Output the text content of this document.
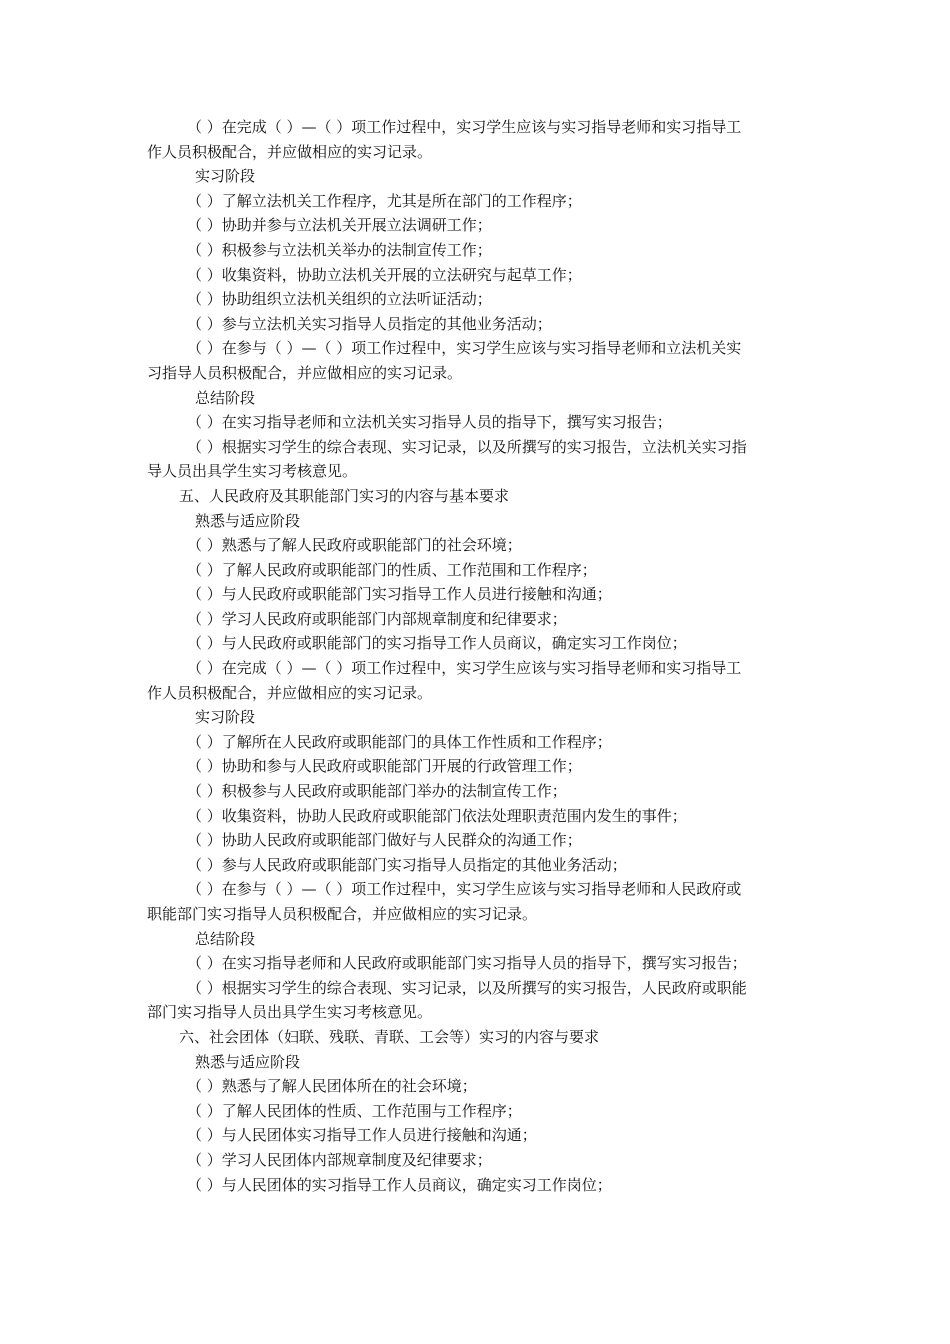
（ ）在完成（ ）—（ ）项工作过程中，实习学生应该与实习指导老师和实习指导工

作人员积极配合，并应做相应的实习记录。

实习阶段

（ ）了解立法机关工作程序，尤其是所在部门的工作程序；

（ ）协助并参与立法机关开展立法调研工作；

（ ）积极参与立法机关举办的法制宣传工作；

（ ）收集资料，协助立法机关开展的立法研究与起草工作；

（ ）协助组织立法机关组织的立法听证活动；

（ ）参与立法机关实习指导人员指定的其他业务活动；

（ ）在参与（ ）—（ ）项工作过程中，实习学生应该与实习指导老师和立法机关实

习指导人员积极配合，并应做相应的实习记录。

总结阶段

（ ）在实习指导老师和立法机关实习指导人员的指导下，撰写实习报告；

（ ）根据实习学生的综合表现、实习记录，以及所撰写的实习报告，立法机关实习指

导人员出具学生实习考核意见。

五、人民政府及其职能部门实习的内容与基本要求

熟悉与适应阶段

（ ）熟悉与了解人民政府或职能部门的社会环境；

（ ）了解人民政府或职能部门的性质、工作范围和工作程序；

（ ）与人民政府或职能部门实习指导工作人员进行接触和沟通；

（ ）学习人民政府或职能部门内部规章制度和纪律要求；

（ ）与人民政府或职能部门的实习指导工作人员商议，确定实习工作岗位；

（ ）在完成（ ）—（ ）项工作过程中，实习学生应该与实习指导老师和实习指导工

作人员积极配合，并应做相应的实习记录。

实习阶段

（ ）了解所在人民政府或职能部门的具体工作性质和工作程序；

（ ）协助和参与人民政府或职能部门开展的行政管理工作；

（ ）积极参与人民政府或职能部门举办的法制宣传工作；

（ ）收集资料，协助人民政府或职能部门依法处理职责范围内发生的事件；

（ ）协助人民政府或职能部门做好与人民群众的沟通工作；

（ ）参与人民政府或职能部门实习指导人员指定的其他业务活动；

（ ）在参与（ ）—（ ）项工作过程中，实习学生应该与实习指导老师和人民政府或

职能部门实习指导人员积极配合，并应做相应的实习记录。

总结阶段

（ ）在实习指导老师和人民政府或职能部门实习指导人员的指导下，撰写实习报告；

（ ）根据实习学生的综合表现、实习记录，以及所撰写的实习报告，人民政府或职能

部门实习指导人员出具学生实习考核意见。

六、社会团体（妇联、残联、青联、工会等）实习的内容与要求

熟悉与适应阶段

（ ）熟悉与了解人民团体所在的社会环境；

（ ）了解人民团体的性质、工作范围与工作程序；

（ ）与人民团体实习指导工作人员进行接触和沟通；

（ ）学习人民团体内部规章制度及纪律要求；

（ ）与人民团体的实习指导工作人员商议，确定实习工作岗位；
